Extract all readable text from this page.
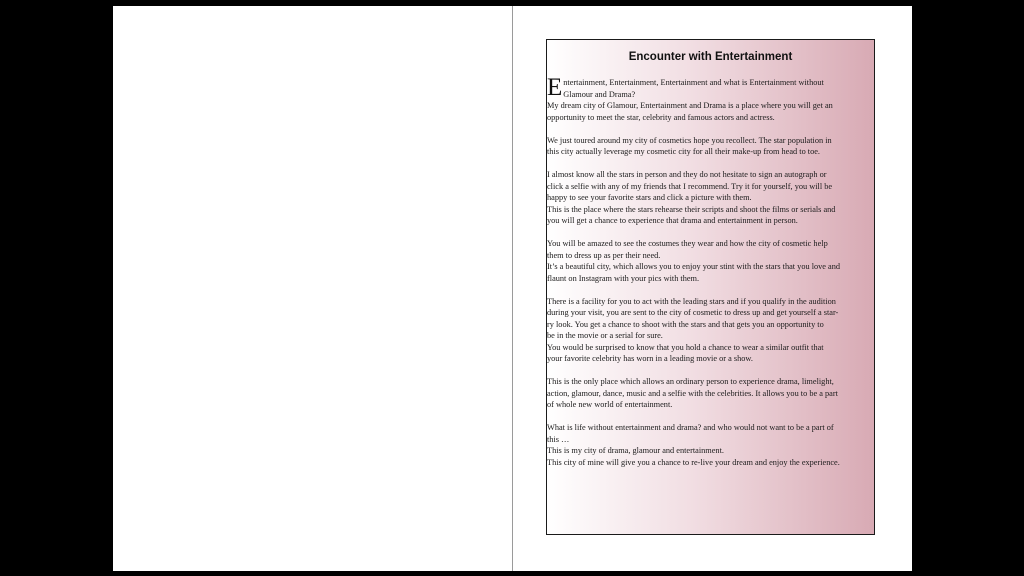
Encounter with Entertainment
E ntertainment, Entertainment, Entertainment and what is Entertainment without
Glamour and Drama?
My dream city of Glamour, Entertainment and Drama is a place where you will get an
opportunity to meet the star, celebrity and famous actors and actress.
We just toured around my city of cosmetics hope you recollect. The star population in
this city actually leverage my cosmetic city for all their make-up from head to toe.
I almost know all the stars in person and they do not hesitate to sign an autograph or
click a selfie with any of my friends that I recommend. Try it for yourself, you will be
happy to see your favorite stars and click a picture with them.
This is the place where the stars rehearse their scripts and shoot the films or serials and
you will get a chance to experience that drama and entertainment in person.
You will be amazed to see the costumes they wear and how the city of cosmetic help
them to dress up as per their need.
It’s a beautiful city, which allows you to enjoy your stint with the stars that you love and
flaunt on Instagram with your pics with them.
There is a facility for you to act with the leading stars and if you qualify in the audition
during your visit, you are sent to the city of cosmetic to dress up and get yourself a star-
ry look. You get a chance to shoot with the stars and that gets you an opportunity to
be in the movie or a serial for sure.
You would be surprised to know that you hold a chance to wear a similar outfit that
your favorite celebrity has worn in a leading movie or a show.
This is the only place which allows an ordinary person to experience drama, limelight,
action, glamour, dance, music and a selfie with the celebrities. It allows you to be a part
of whole new world of entertainment.
What is life without entertainment and drama? and who would not want to be a part of
this …
This is my city of drama, glamour and entertainment.
This city of mine will give you a chance to re-live your dream and enjoy the experience.
